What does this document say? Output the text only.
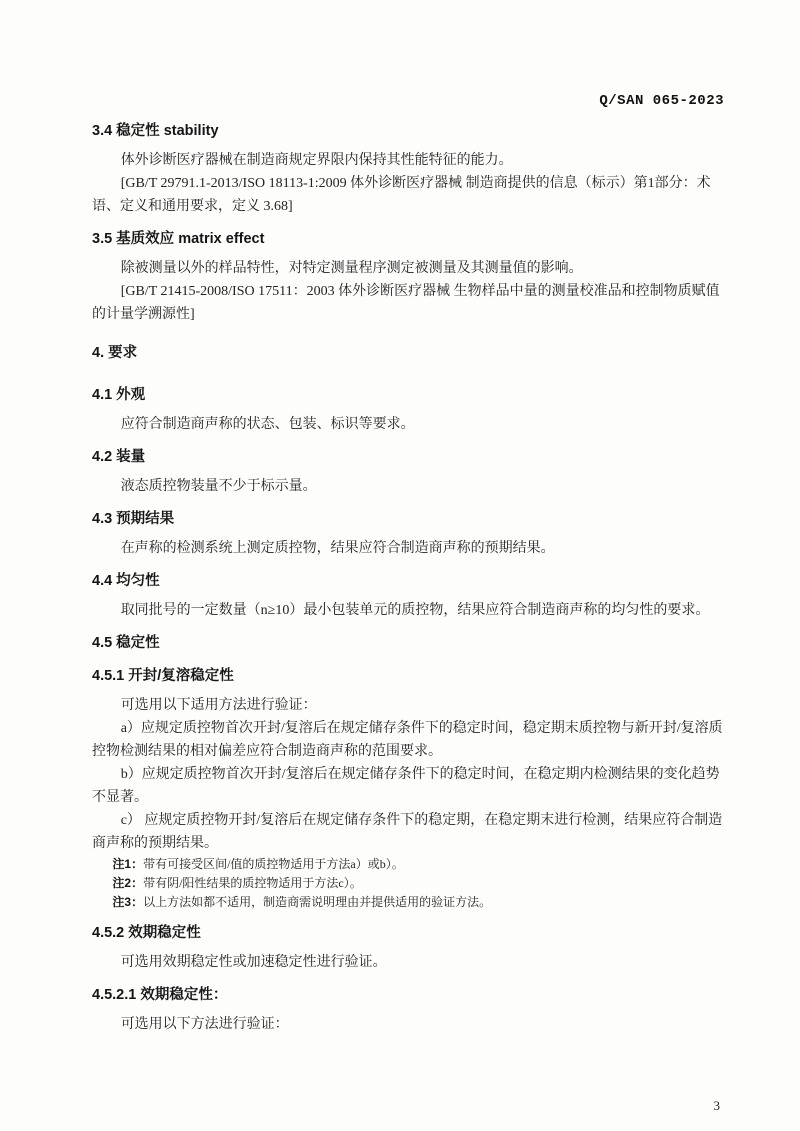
Q/SAN 065-2023
3.4 稳定性 stability
体外诊断医疗器械在制造商规定界限内保持其性能特征的能力。
[GB/T 29791.1-2013/ISO 18113-1:2009 体外诊断医疗器械 制造商提供的信息（标示）第1部分：术语、定义和通用要求，定义 3.68]
3.5 基质效应 matrix effect
除被测量以外的样品特性，对特定测量程序测定被测量及其测量值的影响。
[GB/T 21415-2008/ISO 17511：2003 体外诊断医疗器械 生物样品中量的测量校准品和控制物质赋值的计量学溯源性]
4. 要求
4.1 外观
应符合制造商声称的状态、包装、标识等要求。
4.2 装量
液态质控物装量不少于标示量。
4.3 预期结果
在声称的检测系统上测定质控物，结果应符合制造商声称的预期结果。
4.4 均匀性
取同批号的一定数量（n≥10）最小包装单元的质控物，结果应符合制造商声称的均匀性的要求。
4.5 稳定性
4.5.1 开封/复溶稳定性
可选用以下适用方法进行验证：
a）应规定质控物首次开封/复溶后在规定储存条件下的稳定时间，稳定期末质控物与新开封/复溶质控物检测结果的相对偏差应符合制造商声称的范围要求。
b）应规定质控物首次开封/复溶后在规定储存条件下的稳定时间，在稳定期内检测结果的变化趋势不显著。
c） 应规定质控物开封/复溶后在规定储存条件下的稳定期，在稳定期末进行检测，结果应符合制造商声称的预期结果。
注1：带有可接受区间/值的质控物适用于方法a）或b）。
注2：带有阴/阳性结果的质控物适用于方法c）。
注3：以上方法如都不适用，制造商需说明理由并提供适用的验证方法。
4.5.2 效期稳定性
可选用效期稳定性或加速稳定性进行验证。
4.5.2.1 效期稳定性：
可选用以下方法进行验证：
3
